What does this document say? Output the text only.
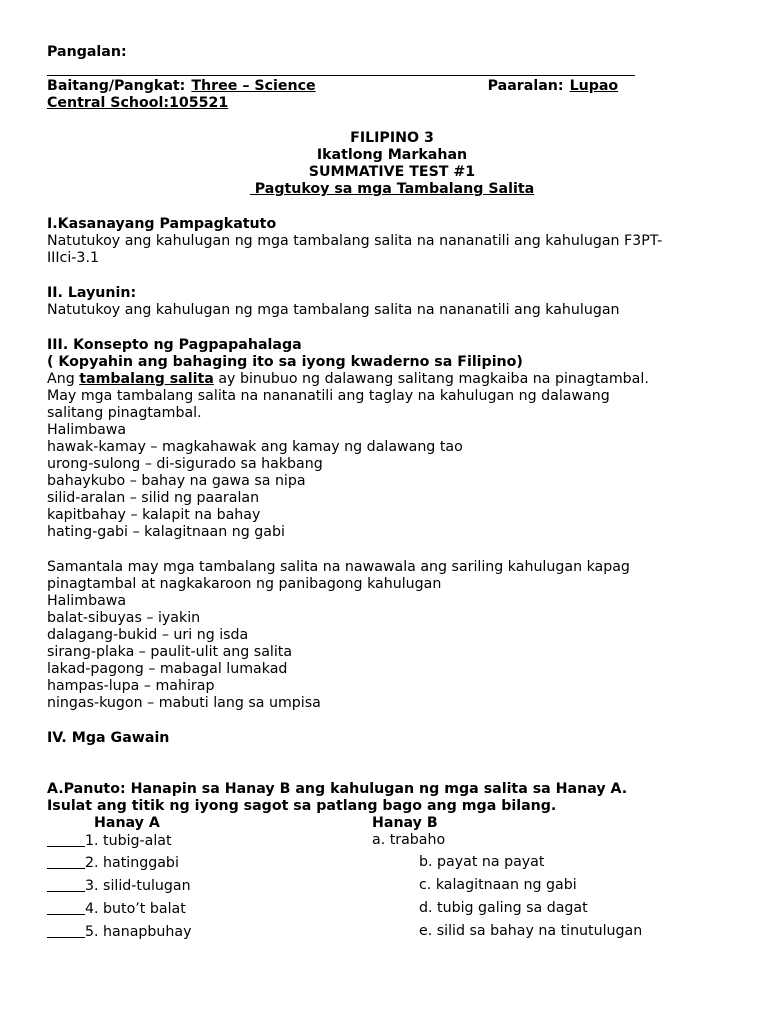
Pangalan:
Baitang/Pangkat: Three – Science	Paaralan: Lupao
Central School:105521
FILIPINO 3
Ikatlong Markahan
SUMMATIVE TEST #1
Pagtukoy sa mga Tambalang Salita
I.Kasanayang Pampagkatuto
Natutukoy ang kahulugan ng mga tambalang salita na nananatili ang kahulugan F3PT-
IIIci-3.1
II. Layunin:
Natutukoy ang kahulugan ng mga tambalang salita na nananatili ang kahulugan
III. Konsepto ng Pagpapahalaga
( Kopyahin ang bahaging ito sa iyong kwaderno sa Filipino)
Ang tambalang salita ay binubuo ng dalawang salitang magkaiba na pinagtambal.
May mga tambalang salita na nananatili ang taglay na kahulugan ng dalawang
salitang pinagtambal.
Halimbawa
hawak-kamay – magkahawak ang kamay ng dalawang tao
urong-sulong – di-sigurado sa hakbang
bahaykubo – bahay na gawa sa nipa
silid-aralan – silid ng paaralan
kapitbahay – kalapit na bahay
hating-gabi – kalagitnaan ng gabi
Samantala may mga tambalang salita na nawawala ang sariling kahulugan kapag
pinagtambal at nagkakaroon ng panibagong kahulugan
Halimbawa
balat-sibuyas – iyakin
dalagang-bukid – uri ng isda
sirang-plaka – paulit-ulit ang salita
lakad-pagong – mabagal lumakad
hampas-lupa – mahirap
ningas-kugon – mabuti lang sa umpisa
IV. Mga Gawain
A.Panuto: Hanapin sa Hanay B ang kahulugan ng mga salita sa Hanay A.
Isulat ang titik ng iyong sagot sa patlang bago ang mga bilang.
Hanay A	Hanay B
1. tubig-alat	a. trabaho
2. hatinggabi	b. payat na payat
3. silid-tulugan	c. kalagitnaan ng gabi
4. buto’t balat	d. tubig galing sa dagat
5. hanapbuhay	e. silid sa bahay na tinutulugan
